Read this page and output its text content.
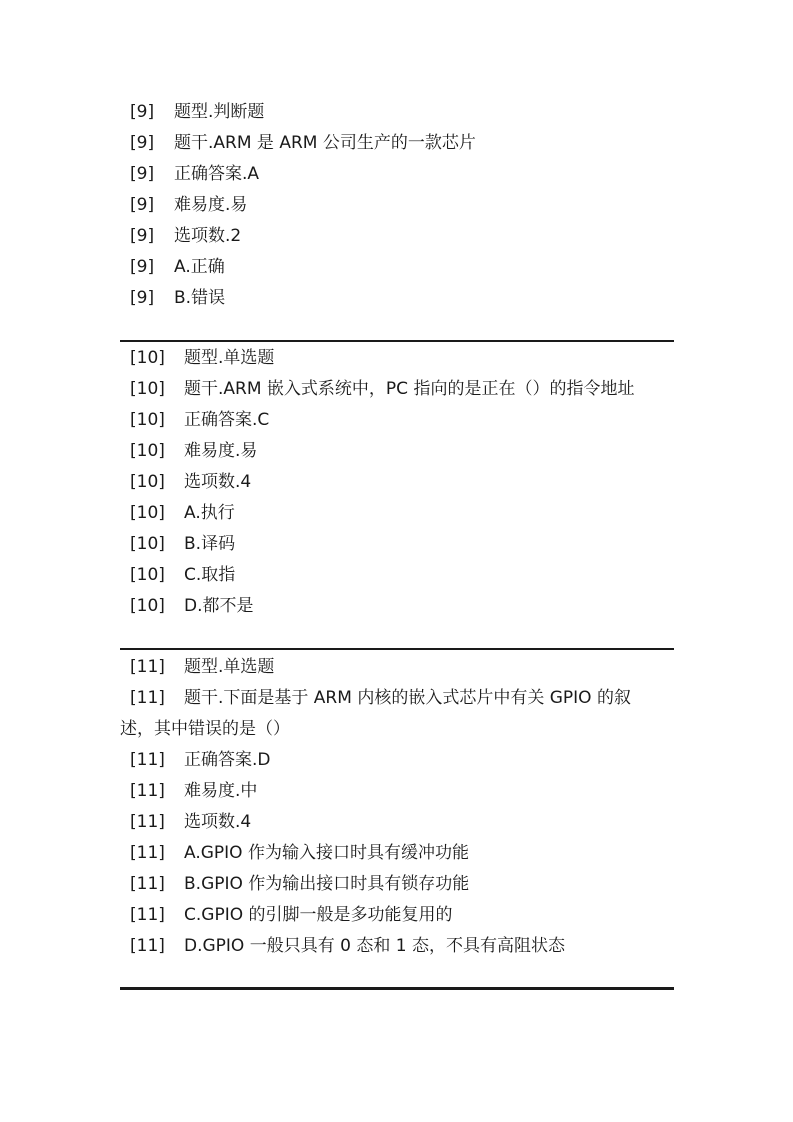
[9] 题型.判断题
[9] 题干.ARM 是 ARM 公司生产的一款芯片
[9] 正确答案.A
[9] 难易度.易
[9] 选项数.2
[9] A.正确
[9] B.错误
[10] 题型.单选题
[10] 题干.ARM 嵌入式系统中，PC 指向的是正在（）的指令地址
[10] 正确答案.C
[10] 难易度.易
[10] 选项数.4
[10] A.执行
[10] B.译码
[10] C.取指
[10] D.都不是
[11] 题型.单选题
[11] 题干.下面是基于 ARM 内核的嵌入式芯片中有关 GPIO 的叙
述，其中错误的是（）
[11] 正确答案.D
[11] 难易度.中
[11] 选项数.4
[11] A.GPIO 作为输入接口时具有缓冲功能
[11] B.GPIO 作为输出接口时具有锁存功能
[11] C.GPIO 的引脚一般是多功能复用的
[11] D.GPIO 一般只具有 0 态和 1 态，不具有高阻状态
